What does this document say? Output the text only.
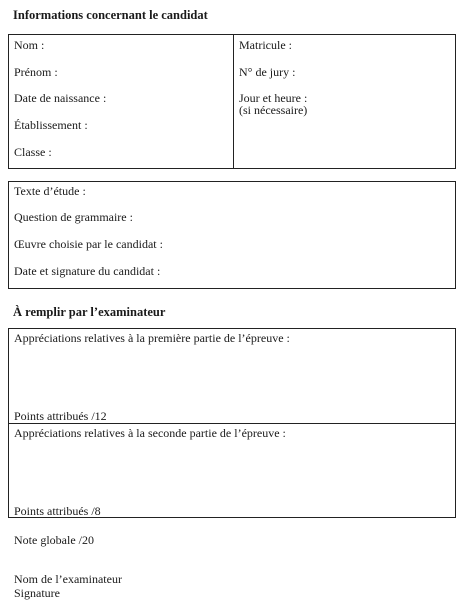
Informations concernant le candidat
Nom :
Prénom :
Date de naissance :
Établissement :
Classe :
Matricule :
N° de jury :
Jour et heure :
(si nécessaire)
Texte d’étude :
Question de grammaire :
Œuvre choisie par le candidat :
Date et signature du candidat :
À remplir par l’examinateur
Appréciations relatives à la première partie de l’épreuve :
Points attribués /12
Appréciations relatives à la seconde partie de l’épreuve :
Points attribués /8
Note globale /20
Nom de l’examinateur
Signature
